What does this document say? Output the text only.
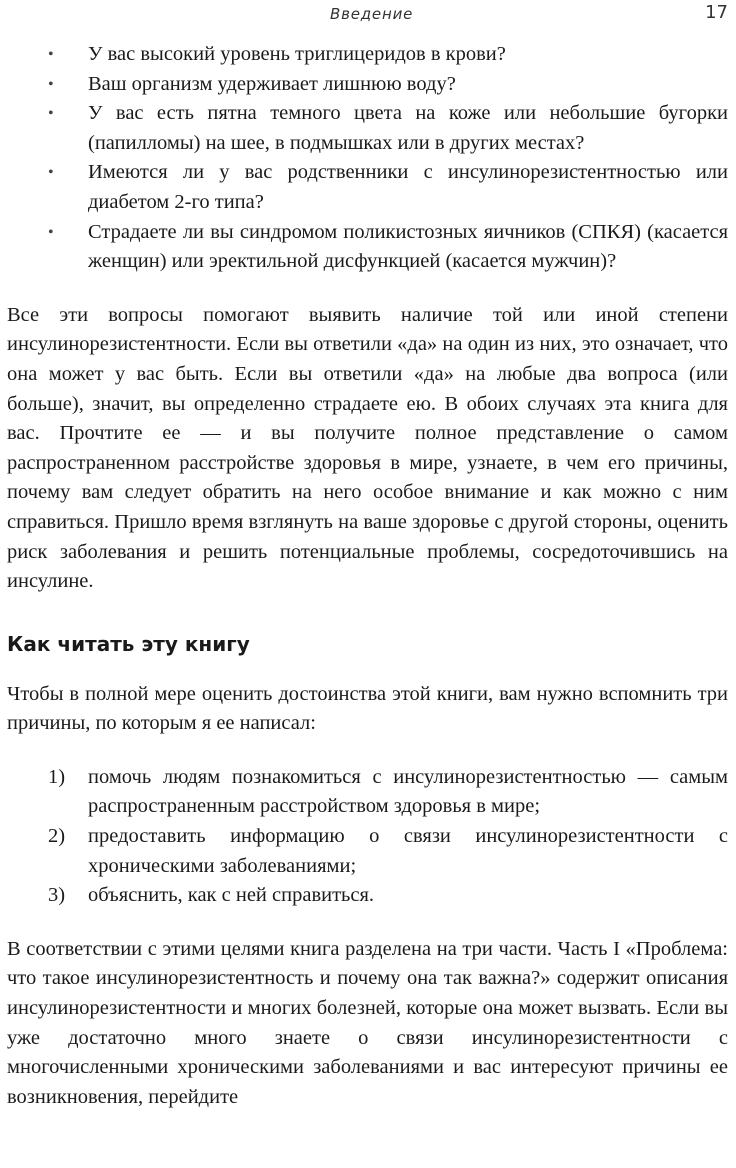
Введение	17
• У вас высокий уровень триглицеридов в крови?
• Ваш организм удерживает лишнюю воду?
• У вас есть пятна темного цвета на коже или небольшие бугорки (папилломы) на шее, в подмышках или в других местах?
• Имеются ли у вас родственники с инсулинорезистентностью или диабетом 2-го типа?
• Страдаете ли вы синдромом поликистозных яичников (СПКЯ) (касается женщин) или эректильной дисфункцией (касается мужчин)?

Все эти вопросы помогают выявить наличие той или иной степени инсулинорезистентности. Если вы ответили «да» на один из них, это означает, что она может у вас быть. Если вы ответили «да» на любые два вопроса (или больше), значит, вы определенно страдаете ею. В обоих случаях эта книга для вас. Прочтите ее — и вы получите полное представление о самом распространенном расстройстве здоровья в мире, узнаете, в чем его причины, почему вам следует обратить на него особое внимание и как можно с ним справиться. Пришло время взглянуть на ваше здоровье с другой стороны, оценить риск заболевания и решить потенциальные проблемы, сосредоточившись на инсулине.

Как читать эту книгу

Чтобы в полной мере оценить достоинства этой книги, вам нужно вспомнить три причины, по которым я ее написал:

1) помочь людям познакомиться с инсулинорезистентностью — самым распространенным расстройством здоровья в мире;
2) предоставить информацию о связи инсулинорезистентности с хроническими заболеваниями;
3) объяснить, как с ней справиться.

В соответствии с этими целями книга разделена на три части. Часть I «Проблема: что такое инсулинорезистентность и почему она так важна?» содержит описания инсулинорезистентности и многих болезней, которые она может вызвать. Если вы уже достаточно много знаете о связи инсулинорезистентности с многочисленными хроническими заболеваниями и вас интересуют причины ее возникновения, перейдите
